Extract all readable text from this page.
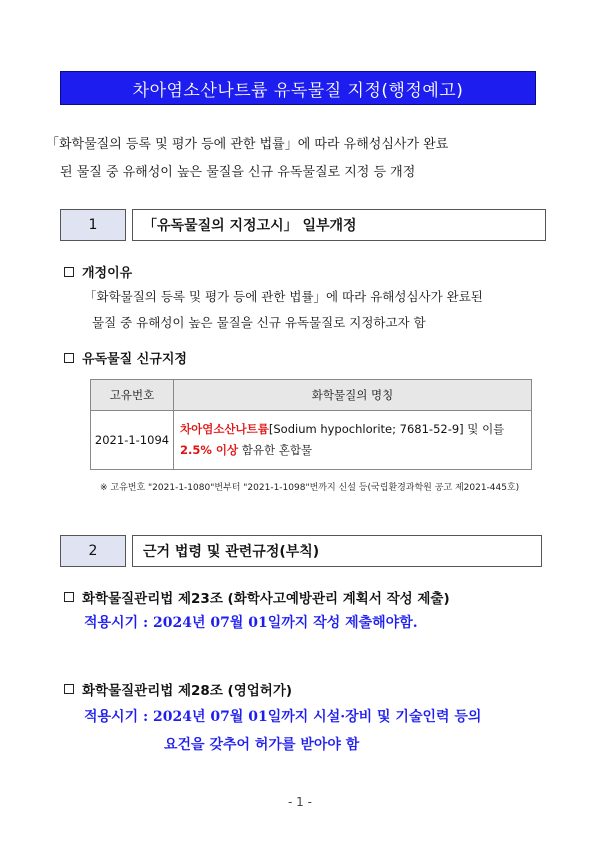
차아염소산나트륨 유독물질 지정(행정예고)

「화학물질의 등록 및 평가 등에 관한 법률」에 따라 유해성심사가 완료

된 물질 중 유해성이 높은 물질을 신규 유독물질로 지정 등 개정

1	「유독물질의 지정고시」 일부개정
개정이유

「화학물질의 등록 및 평가 등에 관한 법률」에 따라 유해성심사가 완료된

물질 중 유해성이 높은 물질을 신규 유독물질로 지정하고자 함

유독물질 신규지정
고유번호	화학물질의 명칭
2021-1-1094	차아염소산나트륨[Sodium hypochlorite; 7681-52-9] 및 이를
2.5% 이상 함유한 혼합물
※ 고유번호 "2021-1-1080"번부터 "2021-1-1098"번까지 신설 등(국립환경과학원 공고 제2021-445호)
2	근거 법령 및 관련규정(부칙)
화학물질관리법 제23조 (화학사고예방관리 계획서 작성 제출)
적용시기 : 2024년 07월 01일까지 작성 제출해야함.
화학물질관리법 제28조 (영업허가)
적용시기 : 2024년 07월 01일까지 시설·장비 및 기술인력 등의
요건을 갖추어 허가를 받아야 함
- 1 -
